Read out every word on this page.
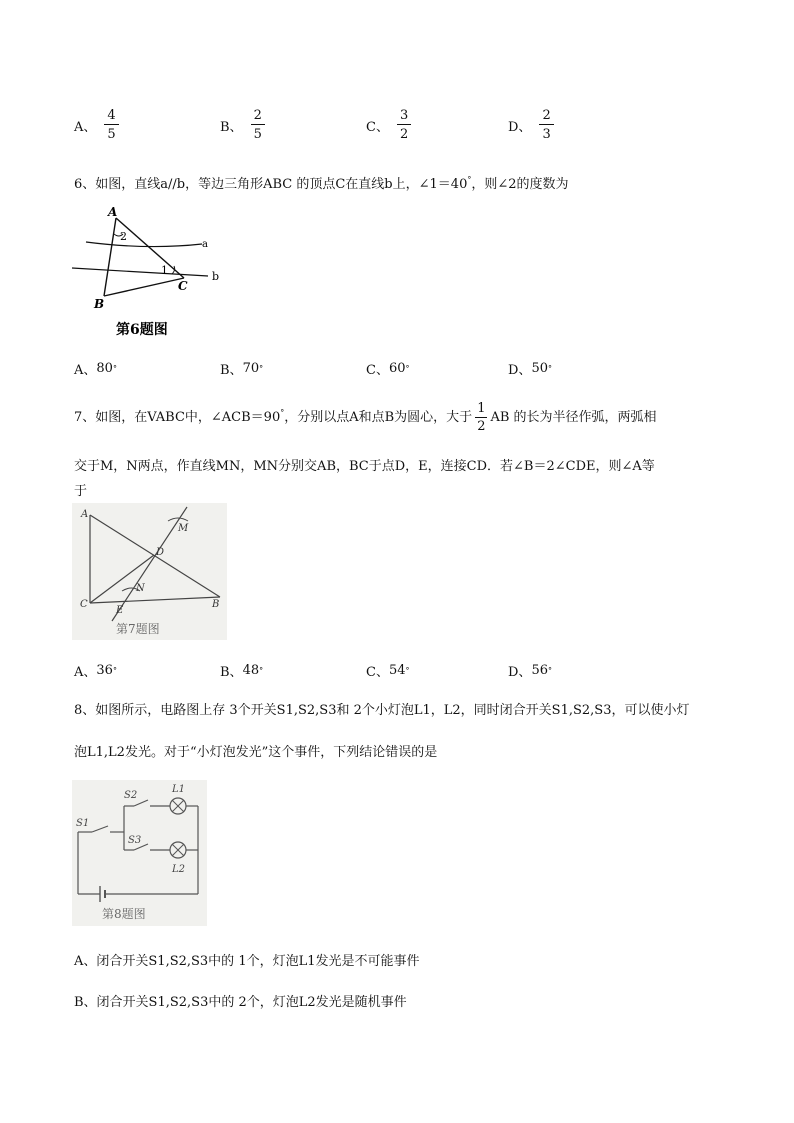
A、 $\frac{4}{5}$	B、 $\frac{2}{5}$	C、 $\frac{3}{2}$	D、 $\frac{2}{3}$
6、如图，直线a//b，等边三角形ABC 的顶点C在直线b上，∠1＝40°，则∠2的度数为
A
2
a
1	b
C
B
第6题图
A、 80 °	B、 70 °	C、 60 °	D、 50 °
7、如图，在VABC中，∠ACB＝90°，分别以点A和点B为圆心，大于 $\frac{1}{2}$ AB 的长为半径作弧，两弧相
交于M，N两点，作直线MN，MN分别交AB，BC于点D，E，连接CD．若∠B＝2∠CDE，则∠A等
于
A
M
D
N
C
E
B
第7题图
A、 36 °	B、 48 °	C、 54 °	D、 56 °
8、如图所示，电路图上存 3个开关S1,S2,S3和 2个小灯泡L1，L2，同时闭合开关S1,S2,S3，可以使小灯
泡L1,L2发光。对于“小灯泡发光”这个事件，下列结论错误的是
L1
S2
S1
S3
L2
第8题图
A、闭合开关S1,S2,S3中的 1个，灯泡L1发光是不可能事件
B、闭合开关S1,S2,S3中的 2个，灯泡L2发光是随机事件
